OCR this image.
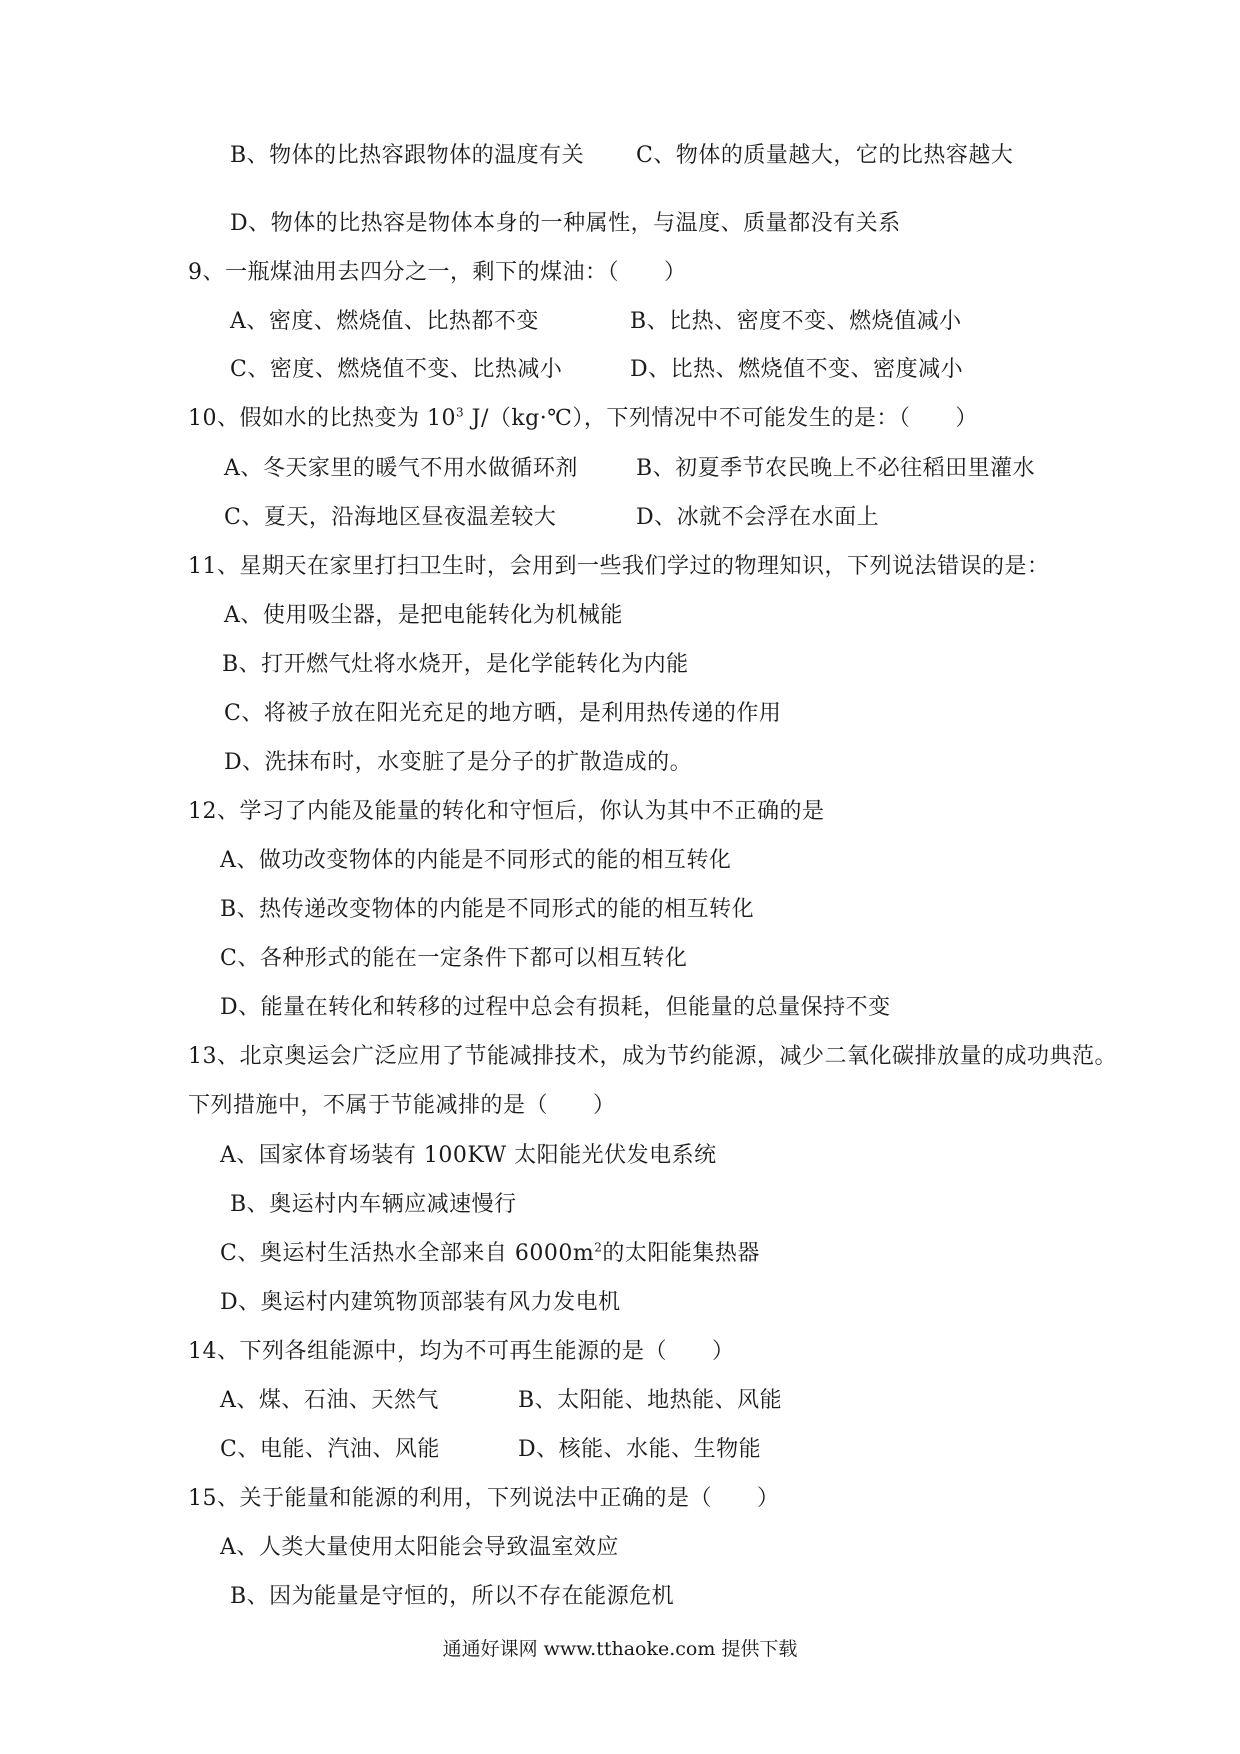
B、物体的比热容跟物体的温度有关 C、物体的质量越大，它的比热容越大
D、物体的比热容是物体本身的一种属性，与温度、质量都没有关系
9、一瓶煤油用去四分之一，剩下的煤油：（      ）
A、密度、燃烧值、比热都不变	B、比热、密度不变、燃烧值减小
C、密度、燃烧值不变、比热减小	D、比热、燃烧值不变、密度减小
10、假如水的比热变为 $10^3$ J/（kg·℃），下列情况中不可能发生的是：（      ）
A、冬天家里的暖气不用水做循环剂	B、初夏季节农民晚上不必往稻田里灌水
C、夏天，沿海地区昼夜温差较大	D、冰就不会浮在水面上
11、星期天在家里打扫卫生时，会用到一些我们学过的物理知识，下列说法错误的是：
A、使用吸尘器，是把电能转化为机械能
B、打开燃气灶将水烧开，是化学能转化为内能
C、将被子放在阳光充足的地方晒，是利用热传递的作用
D、洗抹布时，水变脏了是分子的扩散造成的。
12、学习了内能及能量的转化和守恒后，你认为其中不正确的是
A、做功改变物体的内能是不同形式的能的相互转化
B、热传递改变物体的内能是不同形式的能的相互转化
C、各种形式的能在一定条件下都可以相互转化
D、能量在转化和转移的过程中总会有损耗，但能量的总量保持不变
13、北京奥运会广泛应用了节能减排技术，成为节约能源，减少二氧化碳排放量的成功典范。
下列措施中，不属于节能减排的是（      ）
A、国家体育场装有 100KW 太阳能光伏发电系统
B、奥运村内车辆应减速慢行
C、奥运村生活热水全部来自 $6000m^2$的太阳能集热器
D、奥运村内建筑物顶部装有风力发电机
14、下列各组能源中，均为不可再生能源的是（      ）
A、煤、石油、天然气	B、太阳能、地热能、风能
C、电能、汽油、风能	D、核能、水能、生物能
15、关于能量和能源的利用，下列说法中正确的是（      ）
A、人类大量使用太阳能会导致温室效应
B、因为能量是守恒的，所以不存在能源危机
通通好课网 www.tthaoke.com 提供下载
